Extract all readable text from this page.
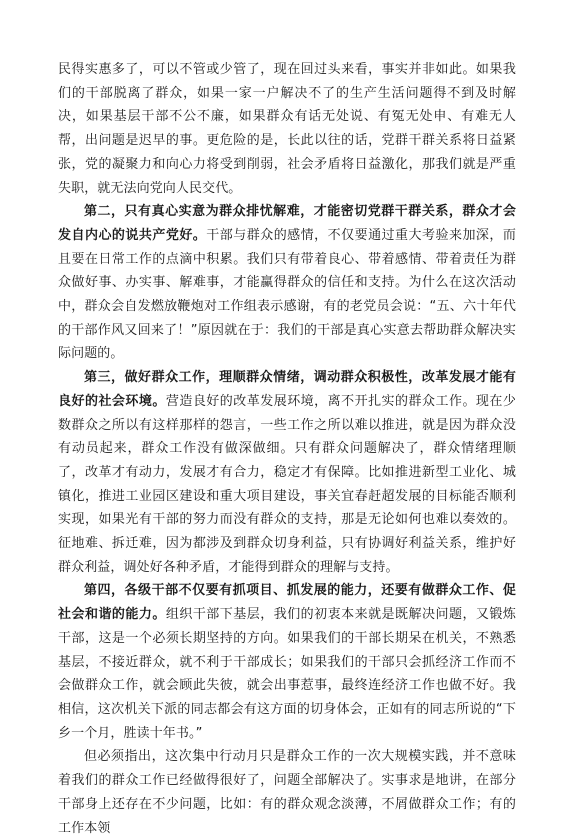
民得实惠多了，可以不管或少管了，现在回过头来看，事实并非如此。如果我们的干部脱离了群众，如果一家一户解决不了的生产生活问题得不到及时解决，如果基层干部不公不廉，如果群众有话无处说、有冤无处申、有难无人帮，出问题是迟早的事。更危险的是，长此以往的话，党群干群关系将日益紧张，党的凝聚力和向心力将受到削弱，社会矛盾将日益激化，那我们就是严重失职，就无法向党向人民交代。

第二，只有真心实意为群众排忧解难，才能密切党群干群关系，群众才会发自内心的说共产党好。干部与群众的感情，不仅要通过重大考验来加深，而且要在日常工作的点滴中积累。我们只有带着良心、带着感情、带着责任为群众做好事、办实事、解难事，才能赢得群众的信任和支持。为什么在这次活动中，群众会自发燃放鞭炮对工作组表示感谢，有的老党员会说：“五、六十年代的干部作风又回来了！”原因就在于：我们的干部是真心实意去帮助群众解决实际问题的。

第三，做好群众工作，理顺群众情绪，调动群众积极性，改革发展才能有良好的社会环境。营造良好的改革发展环境，离不开扎实的群众工作。现在少数群众之所以有这样那样的怨言，一些工作之所以难以推进，就是因为群众没有动员起来，群众工作没有做深做细。只有群众问题解决了，群众情绪理顺了，改革才有动力，发展才有合力，稳定才有保障。比如推进新型工业化、城镇化，推进工业园区建设和重大项目建设，事关宜春赶超发展的目标能否顺利实现，如果光有干部的努力而没有群众的支持，那是无论如何也难以奏效的。征地难、拆迁难，因为都涉及到群众切身利益，只有协调好利益关系，维护好群众利益，调处好各种矛盾，才能得到群众的理解与支持。

第四，各级干部不仅要有抓项目、抓发展的能力，还要有做群众工作、促社会和谐的能力。组织干部下基层，我们的初衷本来就是既解决问题，又锻炼干部，这是一个必须长期坚持的方向。如果我们的干部长期呆在机关，不熟悉基层，不接近群众，就不利于干部成长；如果我们的干部只会抓经济工作而不会做群众工作，就会顾此失彼，就会出事惹事，最终连经济工作也做不好。我相信，这次机关下派的同志都会有这方面的切身体会，正如有的同志所说的“下乡一个月，胜读十年书。”

但必须指出，这次集中行动月只是群众工作的一次大规模实践，并不意味着我们的群众工作已经做得很好了，问题全部解决了。实事求是地讲，在部分干部身上还存在不少问题，比如：有的群众观念淡薄，不屑做群众工作；有的工作本领
